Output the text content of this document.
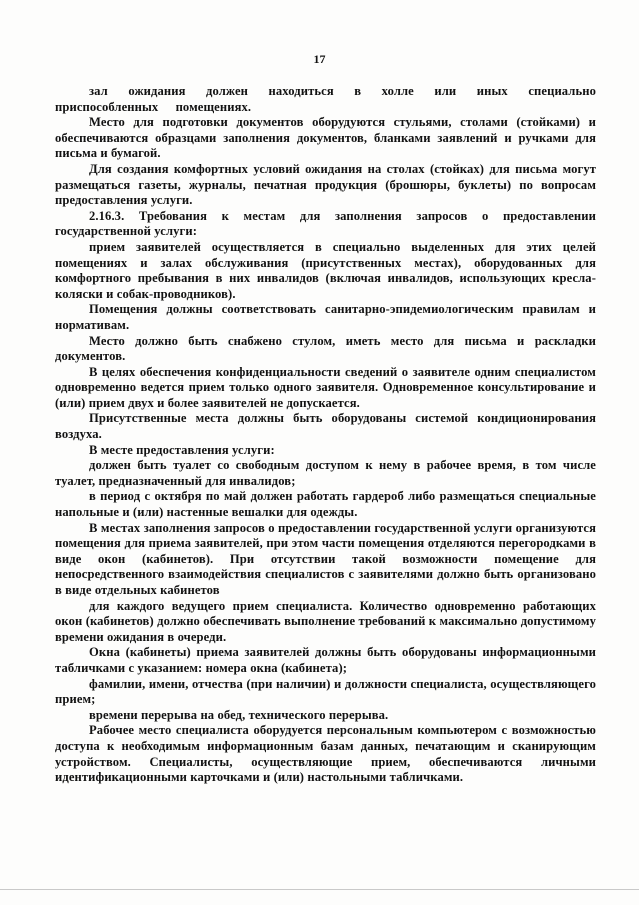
17

зал ожидания должен находиться в холле или иных специально приспособленных помещениях.

Место для подготовки документов оборудуются стульями, столами (стойками) и обеспечиваются образцами заполнения документов, бланками заявлений и ручками для письма и бумагой.

Для создания комфортных условий ожидания на столах (стойках) для письма могут размещаться газеты, журналы, печатная продукция (брошюры, буклеты) по вопросам предоставления услуги.

2.16.3. Требования к местам для заполнения запросов о предоставлении государственной услуги:

прием заявителей осуществляется в специально выделенных для этих целей помещениях и залах обслуживания (присутственных местах), оборудованных для комфортного пребывания в них инвалидов (включая инвалидов, использующих кресла-коляски и собак-проводников).

Помещения должны соответствовать санитарно-эпидемиологическим правилам и нормативам.

Место должно быть снабжено стулом, иметь место для письма и раскладки документов.

В целях обеспечения конфиденциальности сведений о заявителе одним специалистом одновременно ведется прием только одного заявителя. Одновременное консультирование и (или) прием двух и более заявителей не допускается.

Присутственные места должны быть оборудованы системой кондиционирования воздуха.

В месте предоставления услуги:

должен быть туалет со свободным доступом к нему в рабочее время, в том числе туалет, предназначенный для инвалидов;

в период с октября по май должен работать гардероб либо размещаться специальные напольные и (или) настенные вешалки для одежды.

В местах заполнения запросов о предоставлении государственной услуги организуются помещения для приема заявителей, при этом части помещения отделяются перегородками в виде окон (кабинетов). При отсутствии такой возможности помещение для непосредственного взаимодействия специалистов с заявителями должно быть организовано в виде отдельных кабинетов

для каждого ведущего прием специалиста. Количество одновременно работающих окон (кабинетов) должно обеспечивать выполнение требований к максимально допустимому времени ожидания в очереди.

Окна (кабинеты) приема заявителей должны быть оборудованы информационными табличками с указанием: номера окна (кабинета);

фамилии, имени, отчества (при наличии) и должности специалиста, осуществляющего прием;

времени перерыва на обед, технического перерыва.

Рабочее место специалиста оборудуется персональным компьютером с возможностью доступа к необходимым информационным базам данных, печатающим и сканирующим устройством. Специалисты, осуществляющие прием, обеспечиваются личными идентификационными карточками и (или) настольными табличками.
